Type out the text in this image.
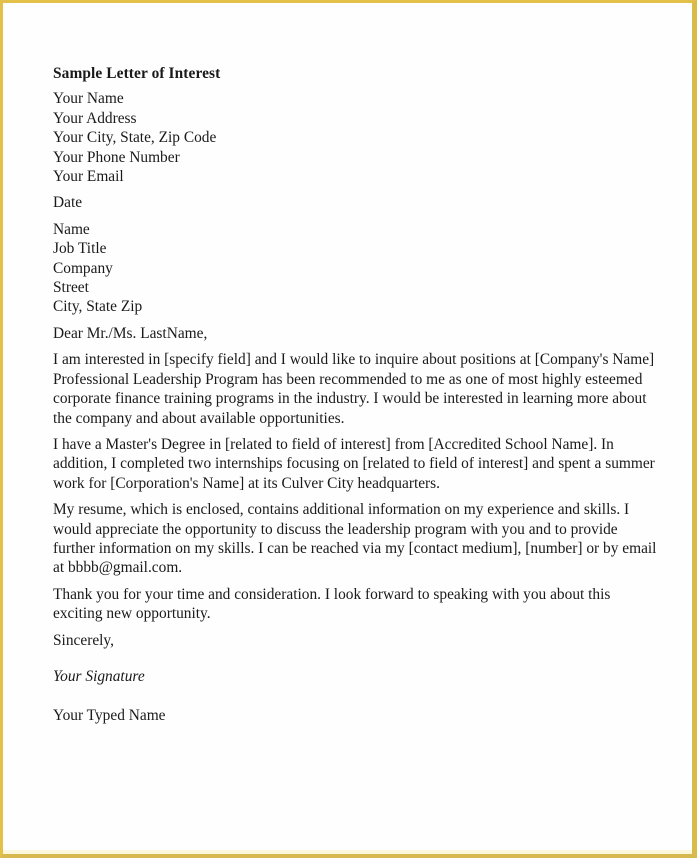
Sample Letter of Interest
Your Name
Your Address
Your City, State, Zip Code
Your Phone Number
Your Email
Date
Name
Job Title
Company
Street
City, State Zip

Dear Mr./Ms. LastName,

I am interested in [specify field] and I would like to inquire about positions at [Company's Name] Professional Leadership Program has been recommended to me as one of most highly esteemed corporate finance training programs in the industry. I would be interested in learning more about the company and about available opportunities.

I have a Master's Degree in [related to field of interest] from [Accredited School Name]. In addition, I completed two internships focusing on [related to field of interest] and spent a summer work for [Corporation's Name] at its Culver City headquarters.

My resume, which is enclosed, contains additional information on my experience and skills. I would appreciate the opportunity to discuss the leadership program with you and to provide further information on my skills. I can be reached via my [contact medium], [number] or by email at bbbb@gmail.com.

Thank you for your time and consideration. I look forward to speaking with you about this exciting new opportunity.

Sincerely,

Your Signature
Your Typed Name
